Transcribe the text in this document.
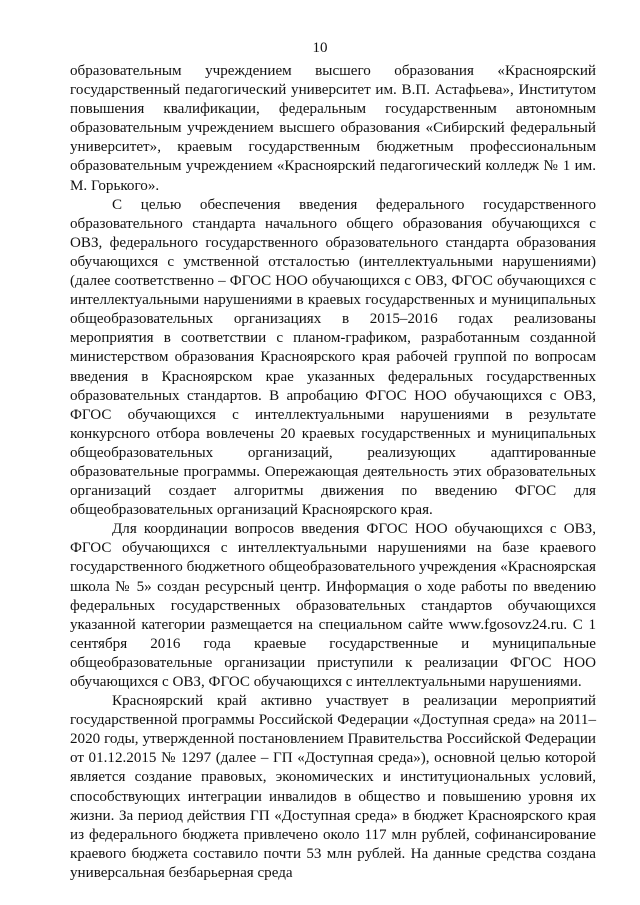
10

образовательным учреждением высшего образования «Красноярский государственный педагогический университет им. В.П. Астафьева», Институтом повышения квалификации, федеральным государственным автономным образовательным учреждением высшего образования «Сибирский федеральный университет», краевым государственным бюджетным профессиональным образовательным учреждением «Красноярский педагогический колледж № 1 им. М. Горького».

С целью обеспечения введения федерального государственного образовательного стандарта начального общего образования обучающихся с ОВЗ, федерального государственного образовательного стандарта образования обучающихся с умственной отсталостью (интеллектуальными нарушениями) (далее соответственно – ФГОС НОО обучающихся с ОВЗ, ФГОС обучающихся с интеллектуальными нарушениями в краевых государственных и муниципальных общеобразовательных организациях в 2015–2016 годах реализованы мероприятия в соответствии с планом-графиком, разработанным созданной министерством образования Красноярского края рабочей группой по вопросам введения в Красноярском крае указанных федеральных государственных образовательных стандартов. В апробацию ФГОС НОО обучающихся с ОВЗ, ФГОС обучающихся с интеллектуальными нарушениями в результате конкурсного отбора вовлечены 20 краевых государственных и муниципальных общеобразовательных организаций, реализующих адаптированные образовательные программы. Опережающая деятельность этих образовательных организаций создает алгоритмы движения по введению ФГОС для общеобразовательных организаций Красноярского края.

Для координации вопросов введения ФГОС НОО обучающихся с ОВЗ, ФГОС обучающихся с интеллектуальными нарушениями на базе краевого государственного бюджетного общеобразовательного учреждения «Красноярская школа № 5» создан ресурсный центр. Информация о ходе работы по введению федеральных государственных образовательных стандартов обучающихся указанной категории размещается на специальном сайте www.fgosovz24.ru. С 1 сентября 2016 года краевые государственные и муниципальные общеобразовательные организации приступили к реализации ФГОС НОО обучающихся с ОВЗ, ФГОС обучающихся с интеллектуальными нарушениями.

Красноярский край активно участвует в реализации мероприятий государственной программы Российской Федерации «Доступная среда» на 2011–2020 годы, утвержденной постановлением Правительства Российской Федерации от 01.12.2015 № 1297 (далее – ГП «Доступная среда»), основной целью которой является создание правовых, экономических и институциональных условий, способствующих интеграции инвалидов в общество и повышению уровня их жизни. За период действия ГП «Доступная среда» в бюджет Красноярского края из федерального бюджета привлечено около 117 млн рублей, софинансирование краевого бюджета составило почти 53 млн рублей. На данные средства создана универсальная безбарьерная среда
